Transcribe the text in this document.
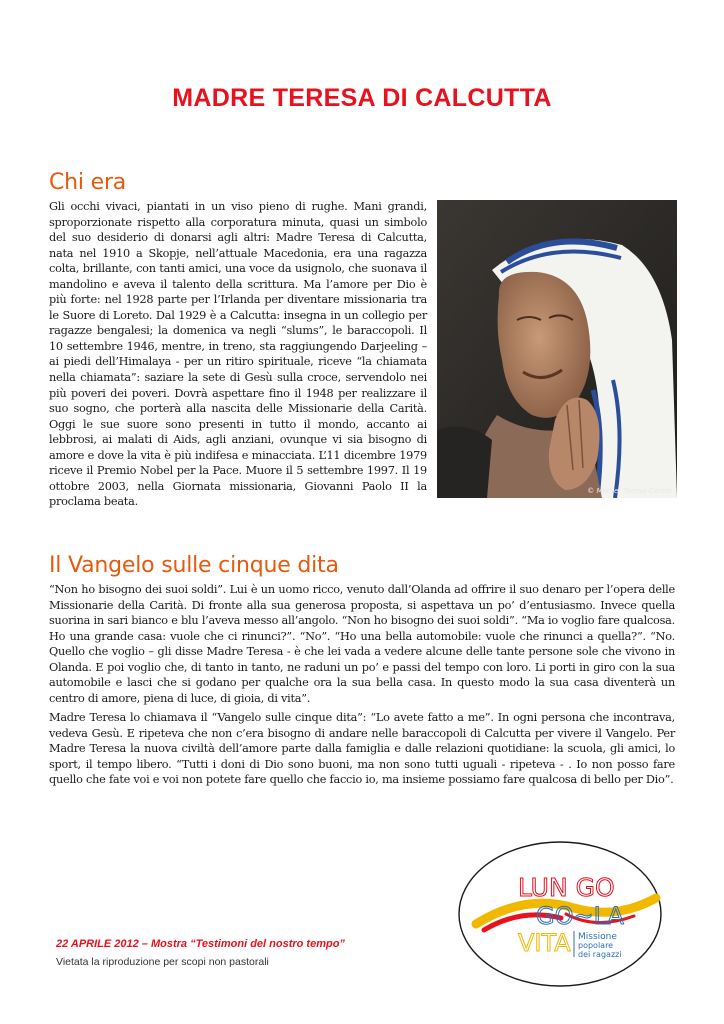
MADRE TERESA DI CALCUTTA
Chi era

Gli occhi vivaci, piantati in un viso pieno di rughe. Mani grandi, sproporzionate rispetto alla corporatura minuta, quasi un simbolo del suo desiderio di donarsi agli altri: Madre Teresa di Calcutta, nata nel 1910 a Skopje, nell’attuale Macedonia, era una ragazza colta, brillante, con tanti amici, una voce da usignolo, che suonava il mandolino e aveva il talento della scrittura. Ma l’amore per Dio è più forte: nel 1928 parte per l’Irlanda per diventare missionaria tra le Suore di Loreto. Dal 1929 è a Calcutta: insegna in un collegio per ragazze bengalesi; la domenica va negli “slums”, le baraccopoli. Il 10 settembre 1946, mentre, in treno, sta raggiungendo Darjeeling – ai piedi dell’Himalaya - per un ritiro spirituale, riceve “la chiamata nella chiamata”: saziare la sete di Gesù sulla croce, servendolo nei più poveri dei poveri. Dovrà aspettare fino il 1948 per realizzare il suo sogno, che porterà alla nascita delle Missionarie della Carità. Oggi le sue suore sono presenti in tutto il mondo, accanto ai lebbrosi, ai malati di Aids, agli anziani, ovunque vi sia bisogno di amore e dove la vita è più indifesa e minacciata. L’11 dicembre 1979 riceve il Premio Nobel per la Pace. Muore il 5 settembre 1997. Il 19 ottobre 2003, nella Giornata missionaria, Giovanni Paolo II la proclama beata.

© Mother Teresa Center
Il Vangelo sulle cinque dita

“Non ho bisogno dei suoi soldi”. Lui è un uomo ricco, venuto dall’Olanda ad offrire il suo denaro per l’opera delle Missionarie della Carità. Di fronte alla sua generosa proposta, si aspettava un po’ d’entusiasmo. Invece quella suorina in sari bianco e blu l’aveva messo all’angolo. “Non ho bisogno dei suoi soldi”. “Ma io voglio fare qualcosa. Ho una grande casa: vuole che ci rinunci?”. “No”. “Ho una bella automobile: vuole che rinunci a quella?”. “No. Quello che voglio – gli disse Madre Teresa - è che lei vada a vedere alcune delle tante persone sole che vivono in Olanda. E poi voglio che, di tanto in tanto, ne raduni un po’ e passi del tempo con loro. Li porti in giro con la sua automobile e lasci che si godano per qualche ora la sua bella casa. In questo modo la sua casa diventerà un centro di amore, piena di luce, di gioia, di vita”.

Madre Teresa lo chiamava il “Vangelo sulle cinque dita”: “Lo avete fatto a me”. In ogni persona che incontrava, vedeva Gesù. E ripeteva che non c’era bisogno di andare nelle baraccopoli di Calcutta per vivere il Vangelo. Per Madre Teresa la nuova civiltà dell’amore parte dalla famiglia e dalle relazioni quotidiane: la scuola, gli amici, lo sport, il tempo libero. “Tutti i doni di Dio sono buoni, ma non sono tutti uguali - ripeteva - . Io non posso fare quello che fate voi e voi non potete fare quello che faccio io, ma insieme possiamo fare qualcosa di bello per Dio”.

LUN GO
GO~LA
VITA Missione
popolare
dei ragazzi
22 APRILE 2012 – Mostra “Testimoni del nostro tempo”
Vietata la riproduzione per scopi non pastorali
